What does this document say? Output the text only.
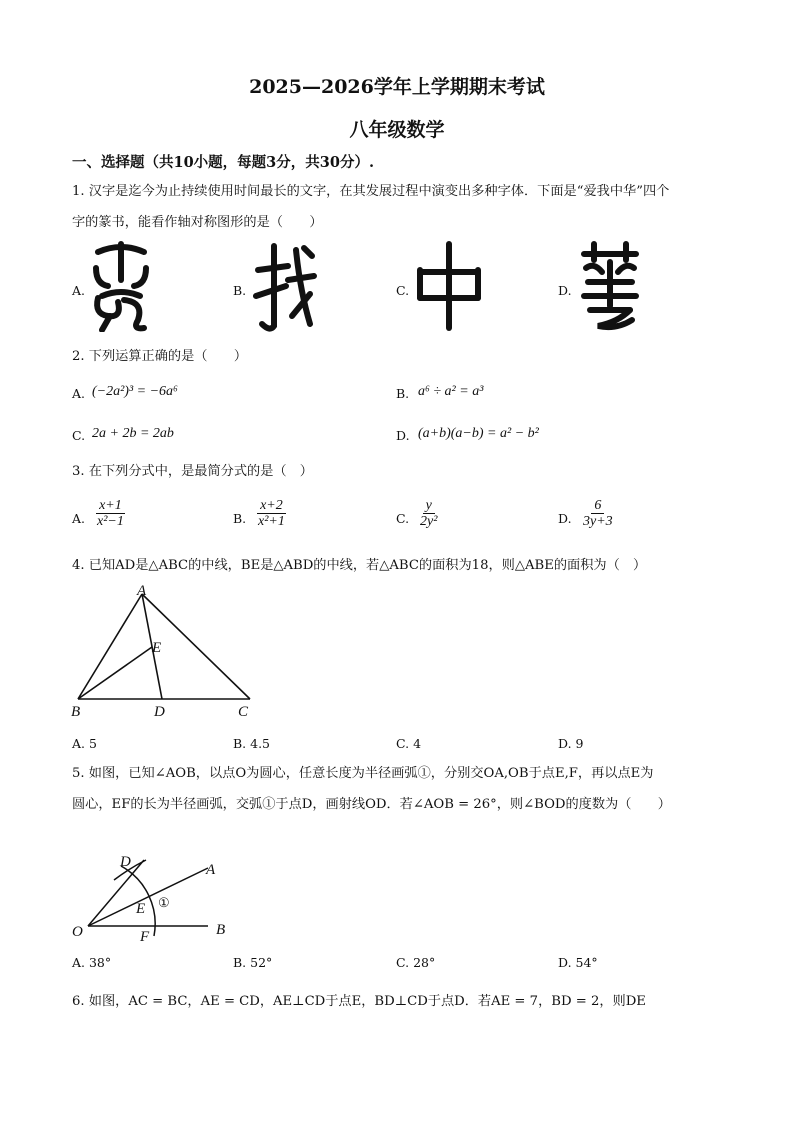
2025—2026学年上学期期末考试
八年级数学
一、选择题（共10小题，每题3分，共30分）.
1. 汉字是迄今为止持续使用时间最长的文字，在其发展过程中演变出多种字体．下面是“爱我中华”四个
字的篆书，能看作轴对称图形的是（　　）
A.	B.	C.	D.
2. 下列运算正确的是（　　）
A. (−2a²)³ = −6a⁶	B. a⁶ ÷ a² = a³
C. 2a + 2b = 2ab	D. (a+b)(a−b) = a² − b²
3. 在下列分式中，是最简分式的是（　）
A. $\frac{x+1}{\text{x²−1}}$	B. $\frac{x+2}{\text{x²+1}}$	C. $\frac{y}{\text{2y²}}$	D. $\frac{6}{3y+3}$
4. 已知AD是△ABC的中线，BE是△ABD的中线，若△ABC的面积为18，则△ABE的面积为（　）
A
B	D	C
E
A. 5	B. 4.5	C. 4	D. 9
5. 如图，已知∠AOB，以点O为圆心，任意长度为半径画弧①，分别交OA,OB于点E,F，再以点E为
圆心，EF的长为半径画弧，交弧①于点D，画射线OD．若∠AOB = 26°，则∠BOD的度数为（　　）
O
A
B
D
E
F
①
A. 38°	B. 52°	C. 28°	D. 54°
6. 如图，AC = BC，AE = CD，AE⊥CD于点E，BD⊥CD于点D．若AE = 7，BD = 2，则DE
